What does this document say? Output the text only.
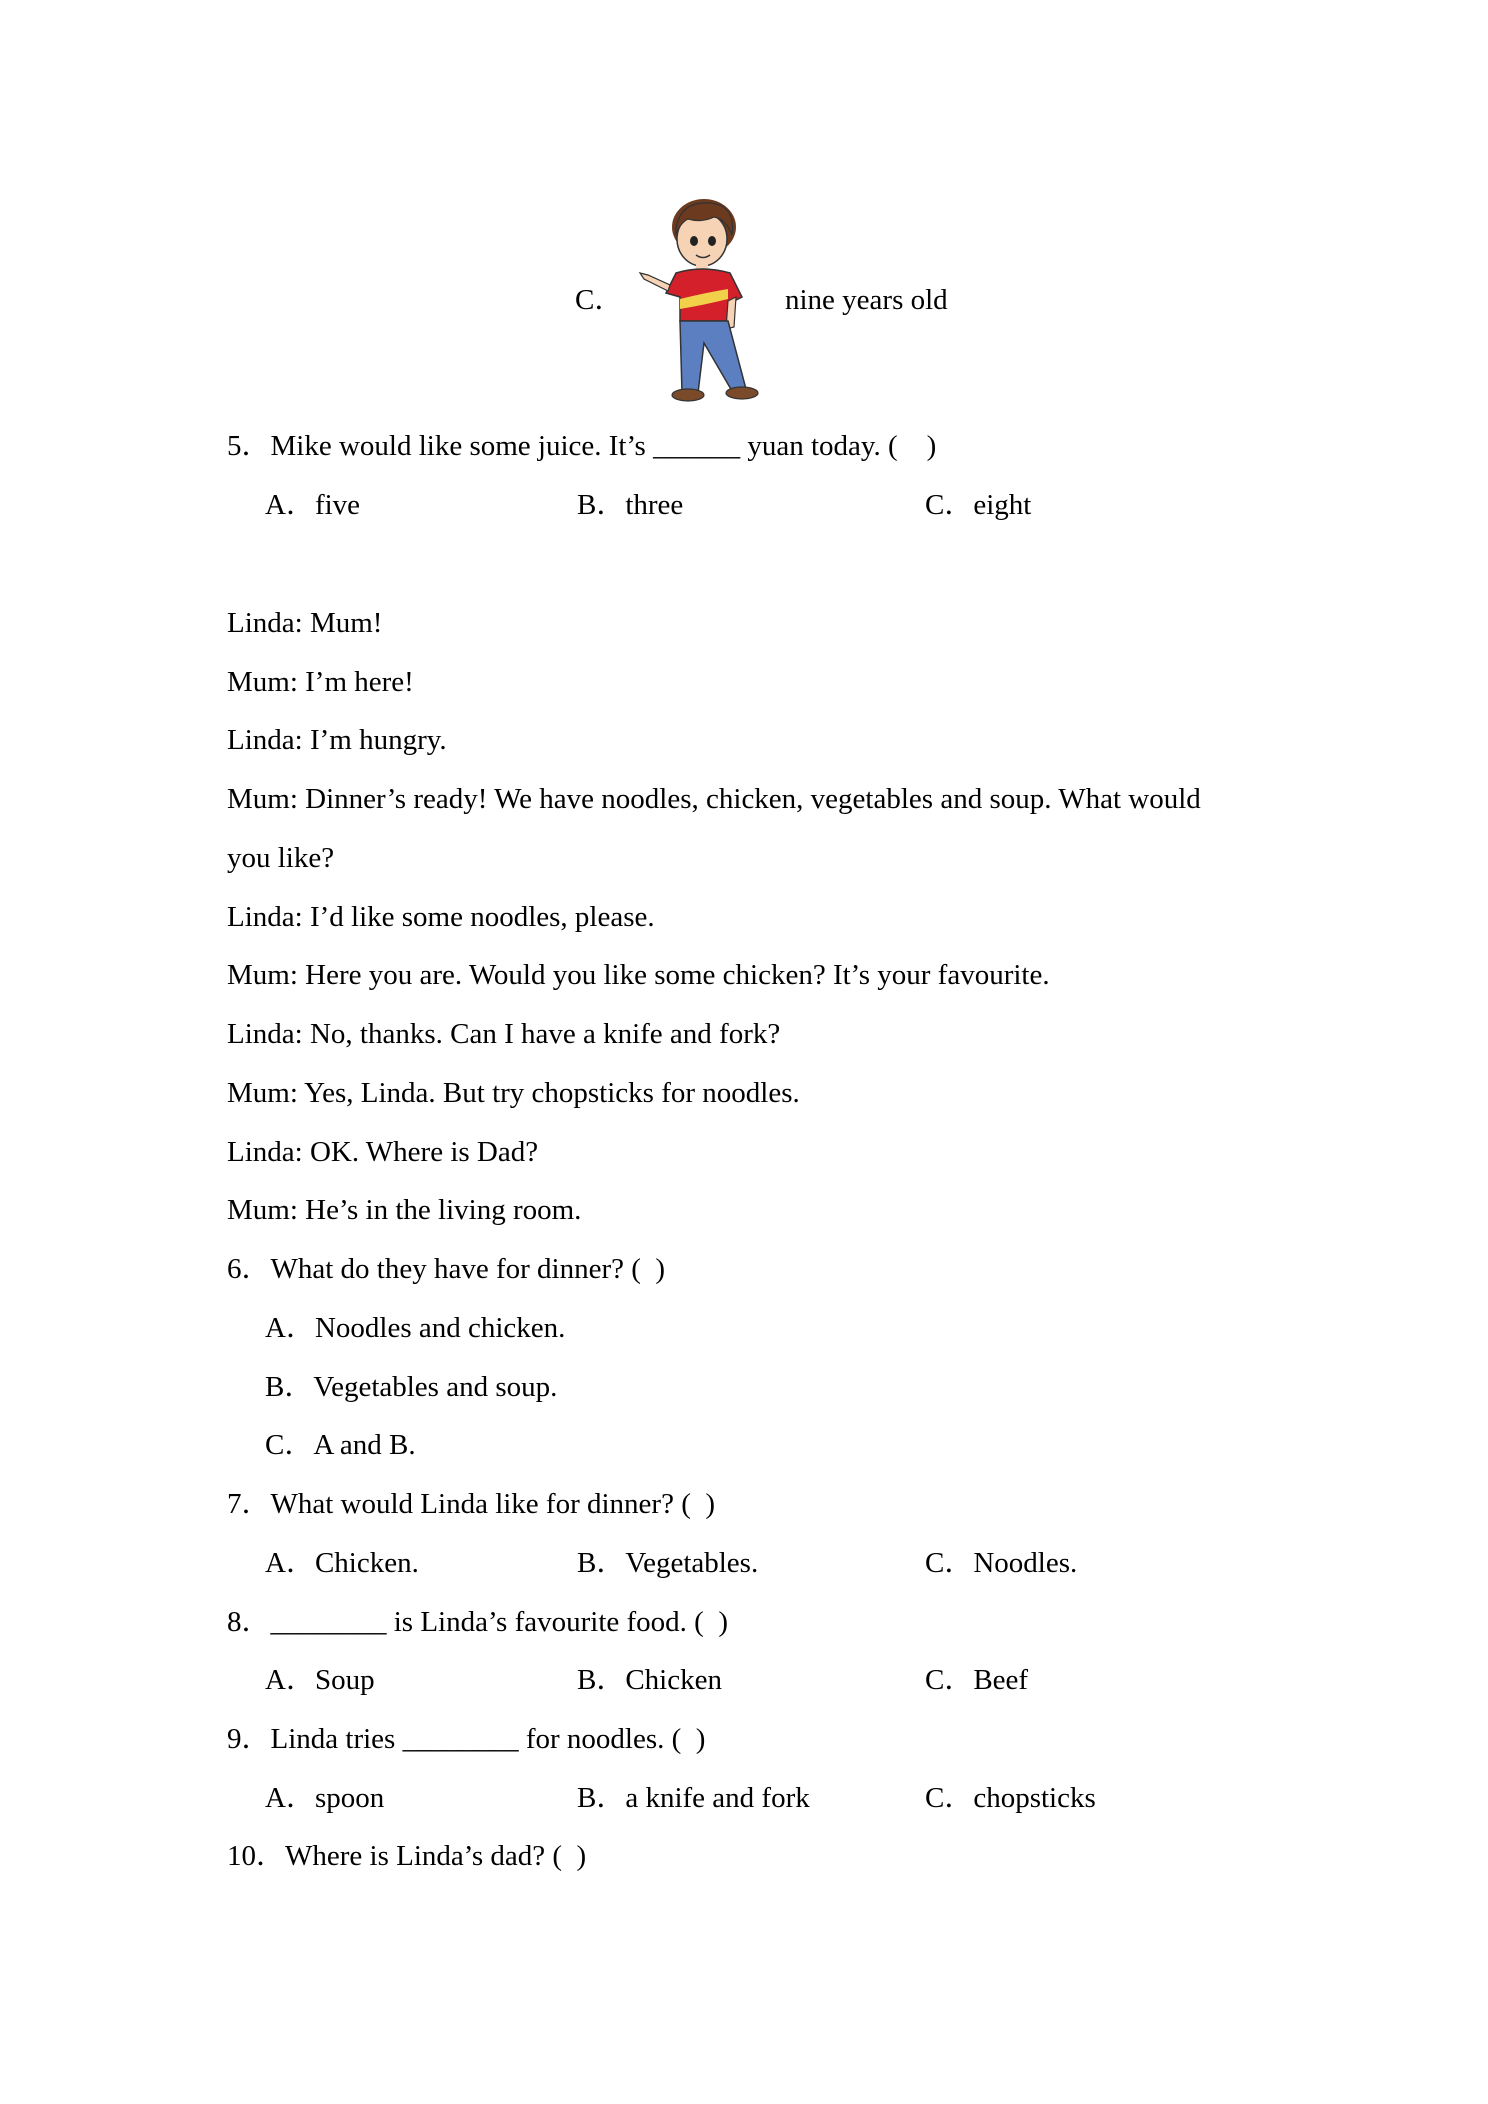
C．	nine years old
5．Mike would like some juice. It’s ______ yuan today. (    )
A．five	B．three	C．eight
Linda: Mum!
Mum: I’m here!
Linda: I’m hungry.
Mum: Dinner’s ready! We have noodles, chicken, vegetables and soup. What would
you like?
Linda: I’d like some noodles, please.
Mum: Here you are. Would you like some chicken? It’s your favourite.
Linda: No, thanks. Can I have a knife and fork?
Mum: Yes, Linda. But try chopsticks for noodles.
Linda: OK. Where is Dad?
Mum: He’s in the living room.
6．What do they have for dinner? (  )
A．Noodles and chicken.
B．Vegetables and soup.
C．A and B.
7．What would Linda like for dinner? (  )
A．Chicken.	B．Vegetables.	C．Noodles.
8．________ is Linda’s favourite food. (  )
A．Soup	B．Chicken	C．Beef
9．Linda tries ________ for noodles. (  )
A．spoon	B．a knife and fork	C．chopsticks
10．Where is Linda’s dad? (  )
